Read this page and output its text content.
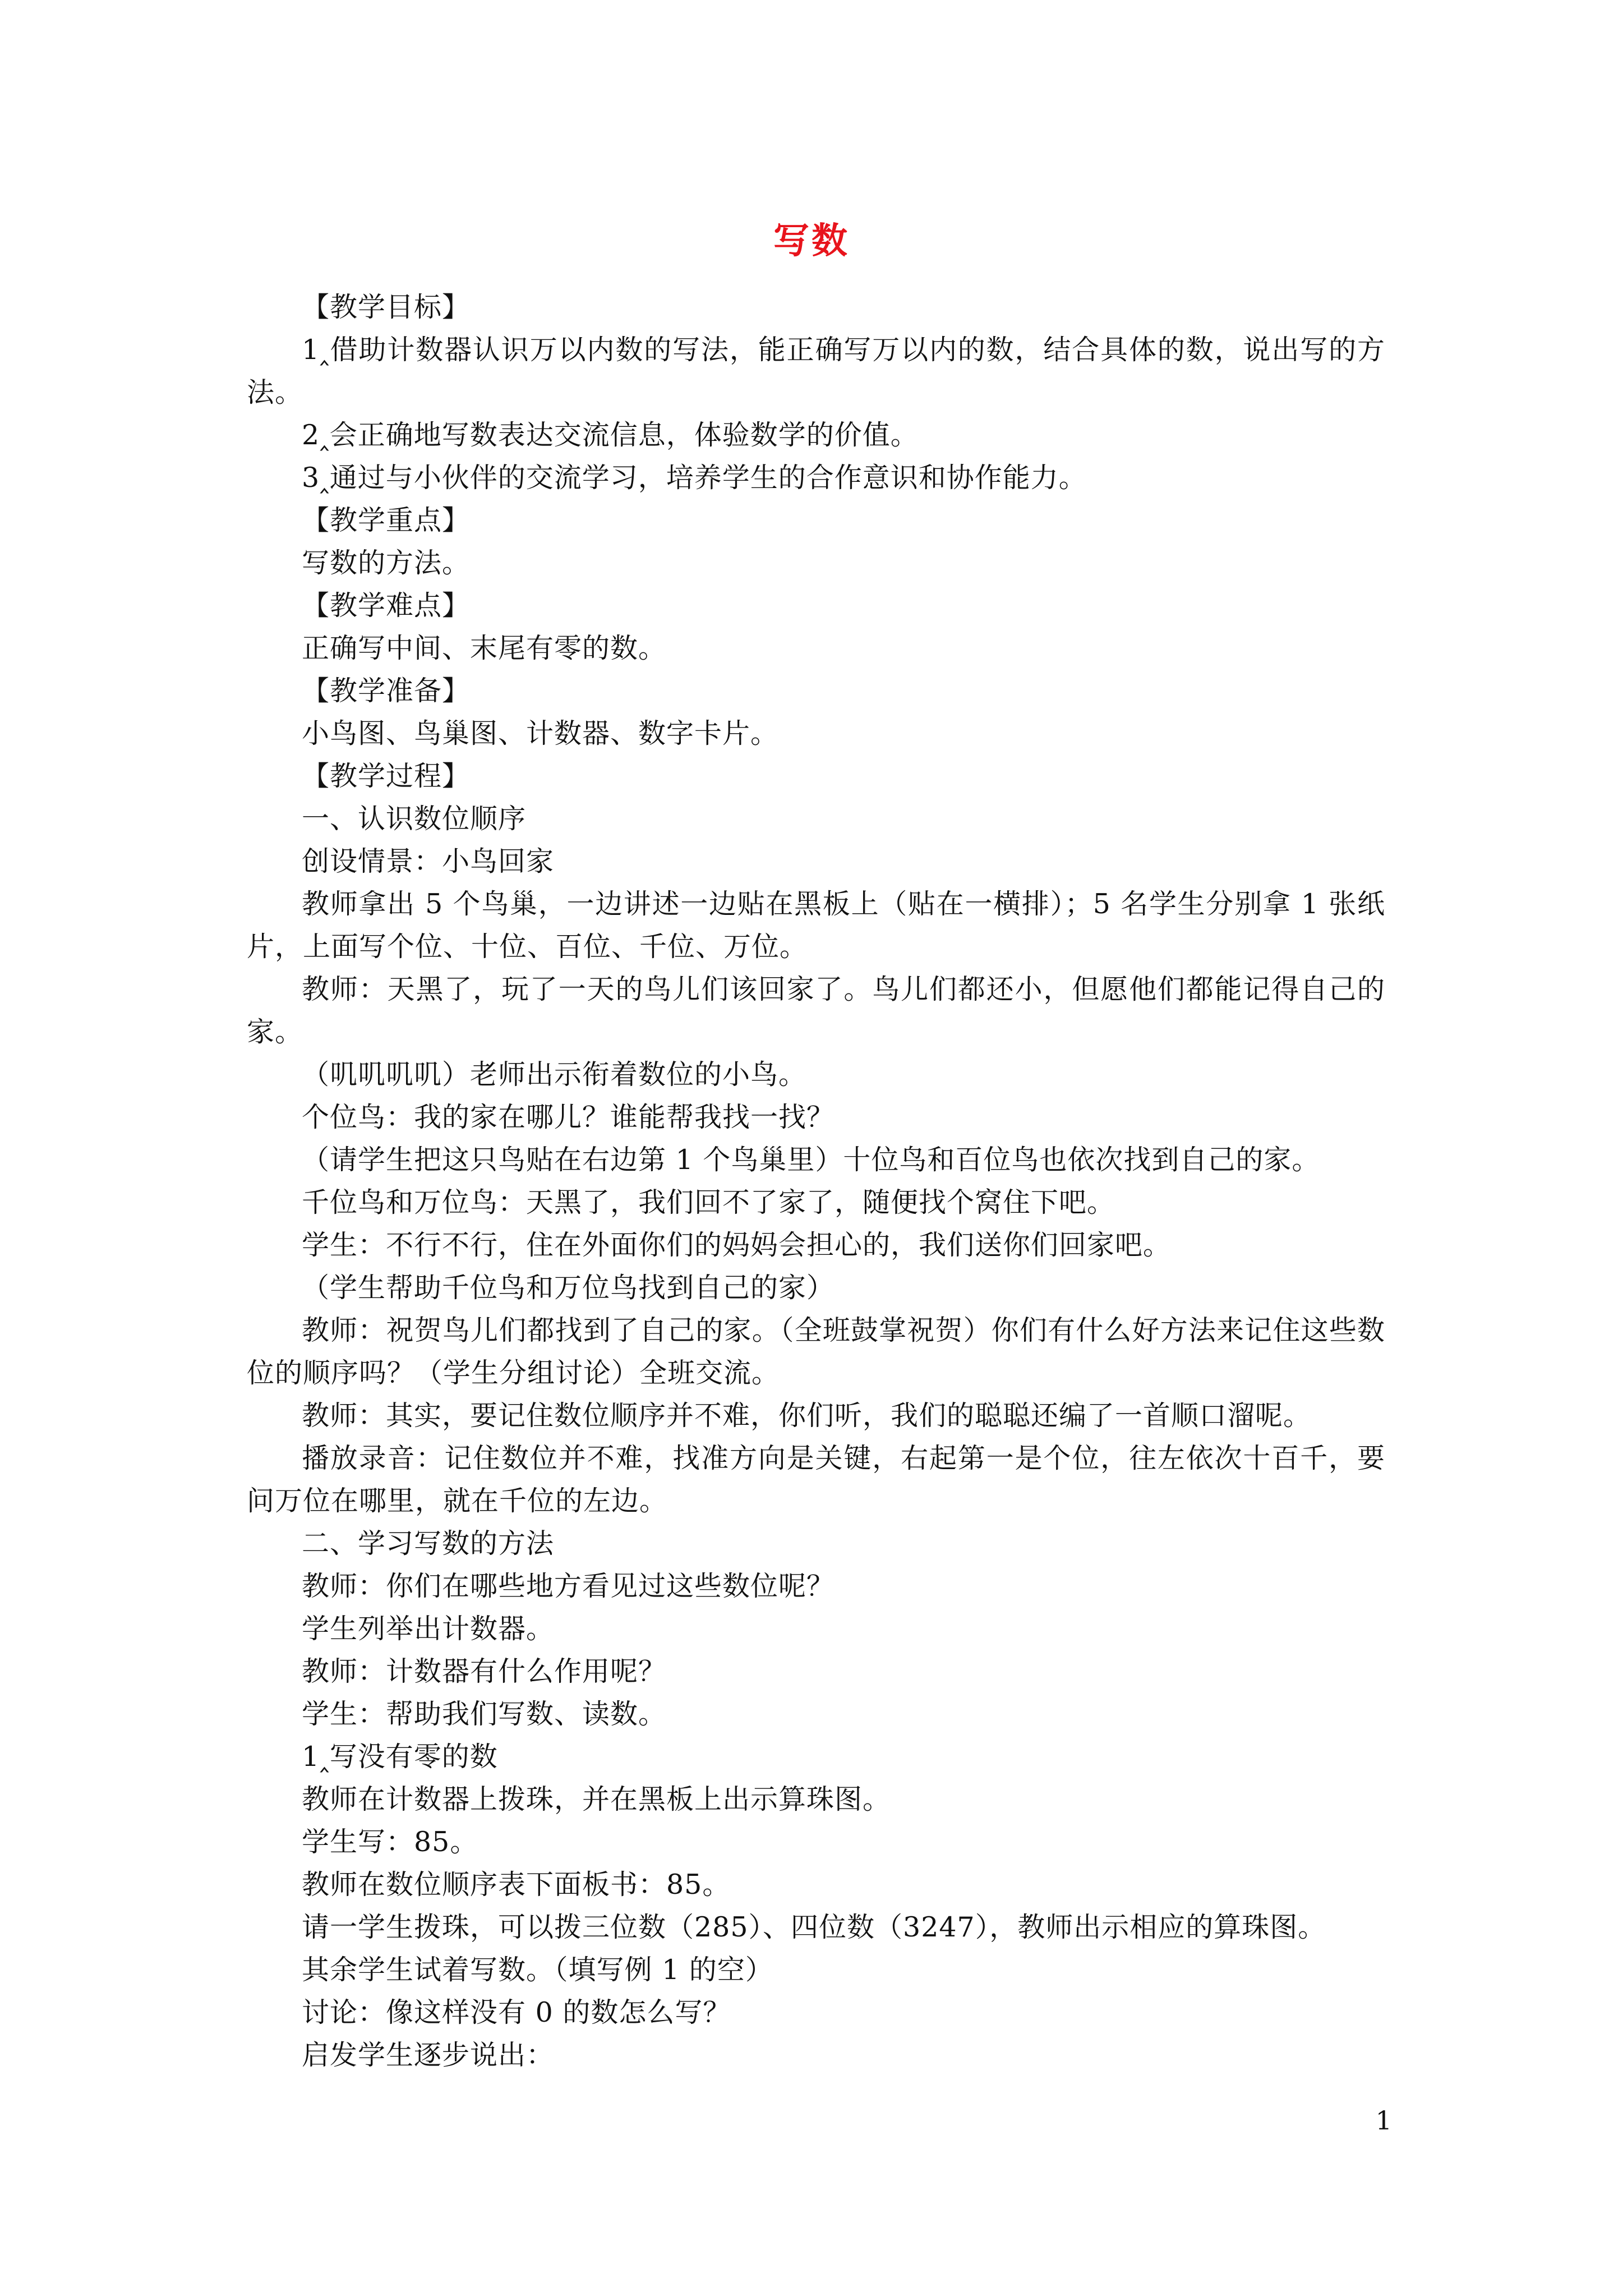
写数

【教学目标】

1‸借助计数器认识万以内数的写法，能正确写万以内的数，结合具体的数，说出写的方法。

2‸会正确地写数表达交流信息，体验数学的价值。

3‸通过与小伙伴的交流学习，培养学生的合作意识和协作能力。

【教学重点】

写数的方法。

【教学难点】

正确写中间、末尾有零的数。

【教学准备】

小鸟图、鸟巢图、计数器、数字卡片。

【教学过程】

一、认识数位顺序

创设情景：小鸟回家

教师拿出 5 个鸟巢，一边讲述一边贴在黑板上（贴在一横排）；5 名学生分别拿 1 张纸片，上面写个位、十位、百位、千位、万位。

教师：天黑了，玩了一天的鸟儿们该回家了。鸟儿们都还小，但愿他们都能记得自己的家。

（叽叽叽叽）老师出示衔着数位的小鸟。

个位鸟：我的家在哪儿？谁能帮我找一找？

（请学生把这只鸟贴在右边第 1 个鸟巢里）十位鸟和百位鸟也依次找到自己的家。

千位鸟和万位鸟：天黑了，我们回不了家了，随便找个窝住下吧。

学生：不行不行，住在外面你们的妈妈会担心的，我们送你们回家吧。

（学生帮助千位鸟和万位鸟找到自己的家）

教师：祝贺鸟儿们都找到了自己的家。（全班鼓掌祝贺）你们有什么好方法来记住这些数位的顺序吗？（学生分组讨论）全班交流。

教师：其实，要记住数位顺序并不难，你们听，我们的聪聪还编了一首顺口溜呢。

播放录音：记住数位并不难，找准方向是关键，右起第一是个位，往左依次十百千，要问万位在哪里，就在千位的左边。

二、学习写数的方法

教师：你们在哪些地方看见过这些数位呢？

学生列举出计数器。

教师：计数器有什么作用呢？

学生：帮助我们写数、读数。

1‸写没有零的数

教师在计数器上拨珠，并在黑板上出示算珠图。

学生写：85。

教师在数位顺序表下面板书：85。

请一学生拨珠，可以拨三位数（285）、四位数（3247），教师出示相应的算珠图。

其余学生试着写数。（填写例 1 的空）

讨论：像这样没有 0 的数怎么写？

启发学生逐步说出：

1
